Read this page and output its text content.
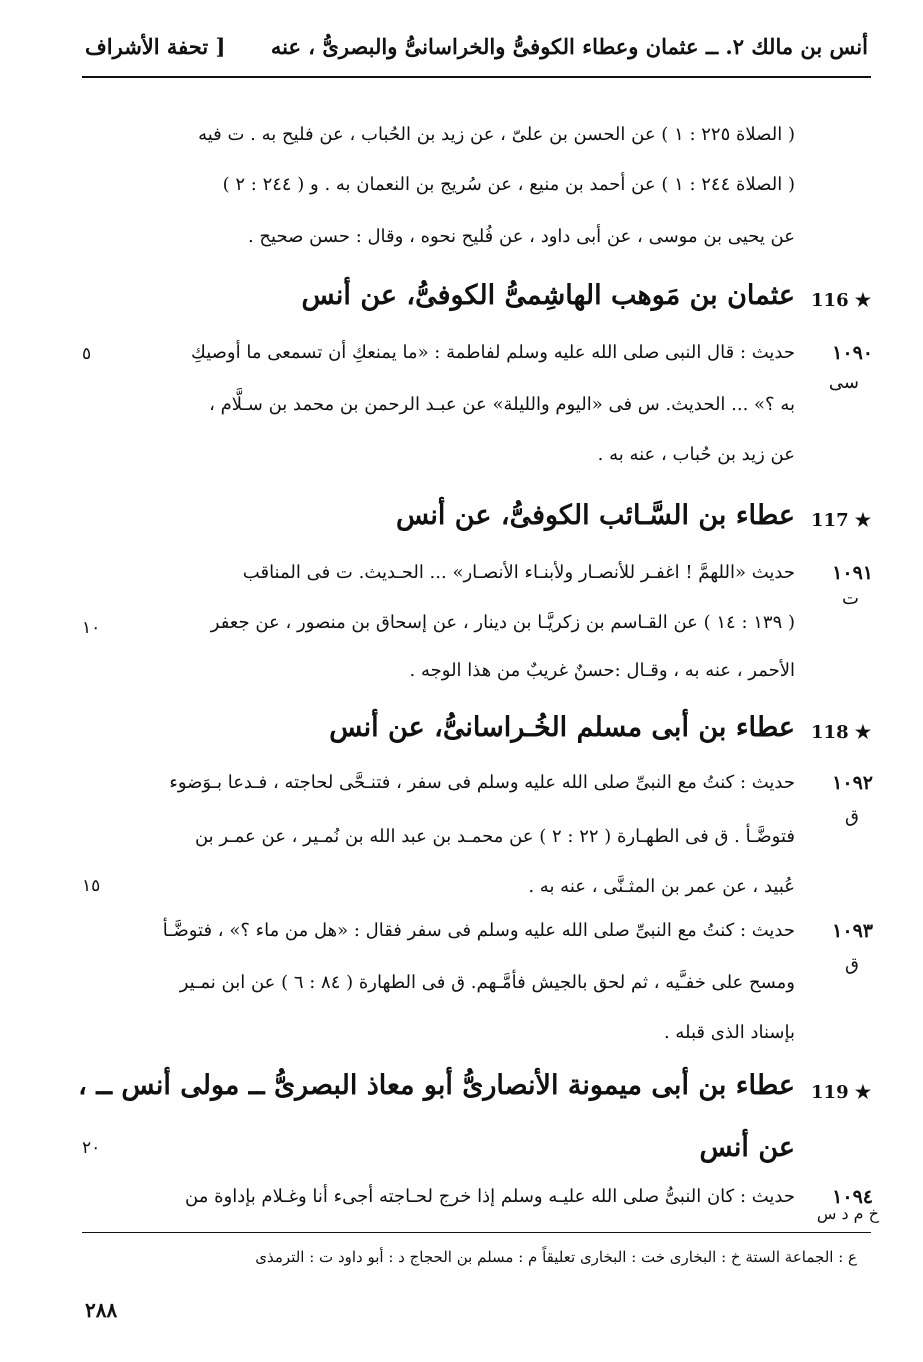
أنس بن مالك ٢. ــ عثمان وعطاء الكوفىُّ والخراسانىُّ والبصرىُّ ، عنه
[ تحفة الأشراف
( الصلاة ٢٢٥ : ١ ) عن الحسن بن علىّ ، عن زيد بن الحُباب ، عن فليح به . ت فيه
( الصلاة ٢٤٤ : ١ ) عن أحمد بن منيع ، عن سُريج بن النعمان به . و ( ٢٤٤ : ٢ )
عن يحيى بن موسى ، عن أبى داود ، عن فُليح نحوه ، وقال : حسن صحيح .
116 ★
عثمان بن مَوهب الهاشِمىُّ الكوفىُّ، عن أنس
١٠٩٠
سى
حديث : قال النبى صلى الله عليه وسلم لفاطمة : «ما يمنعكِ أن تسمعى ما أوصيكِ
٥
به ؟» ... الحديث. س فى «اليوم والليلة» عن عبـد الرحمن بن محمد بن سـلَّام ،
عن زيد بن حُباب ، عنه به .
117 ★
عطاء بن السَّـائب الكوفىُّ، عن أنس
١٠٩١
ت
حديث «اللهمَّ ! اغفـر للأنصـار ولأبنـاء الأنصـار» ... الحـديث. ت فى المناقب
( ١٣٩ : ١٤ ) عن القـاسم بن زكريَّـا بن دينار ، عن إسحاق بن منصور ، عن جعفر
١٠
الأحمر ، عنه به ، وقـال :حسنٌ غريبٌ من هذا الوجه .
118 ★
عطاء بن أبى مسلم الخُـراسانىُّ، عن أنس
١٠٩٢
ق
حديث : كنتُ مع النبىِّ صلى الله عليه وسلم فى سفر ، فتنـحَّى لحاجته ، فـدعا بـوَضوء
فتوضَّـأ . ق فى الطهـارة ( ٢٢ : ٢ ) عن محمـد بن عبد الله بن نُمـير ، عن عمـر بن
عُبيد ، عن عمر بن المثـنَّى ، عنه به .
١٥
١٠٩٣
ق
حديث : كنتُ مع النبىِّ صلى الله عليه وسلم فى سفر فقال : «هل من ماء ؟» ، فتوضَّـأ
ومسح على خفـَّيه ، ثم لحق بالجيش فأمَّـهم. ق فى الطهارة ( ٨٤ : ٦ ) عن ابن نمـير
بإسناد الذى قبله .
119 ★
عطاء بن أبى ميمونة الأنصارىُّ أبو معاذ البصرىُّ ــ مولى أنس ــ ،
عن أنس
٢٠
١٠٩٤
خ م د س
حديث : كان النبىُّ صلى الله عليـه وسلم إذا خرج لحـاجته أجىء أنا وغـلام بإداوة من
ع : الجماعة الستة خ : البخارى خت : البخارى تعليقاً م : مسلم بن الحجاج د : أبو داود ت : الترمذى
٢٨٨
